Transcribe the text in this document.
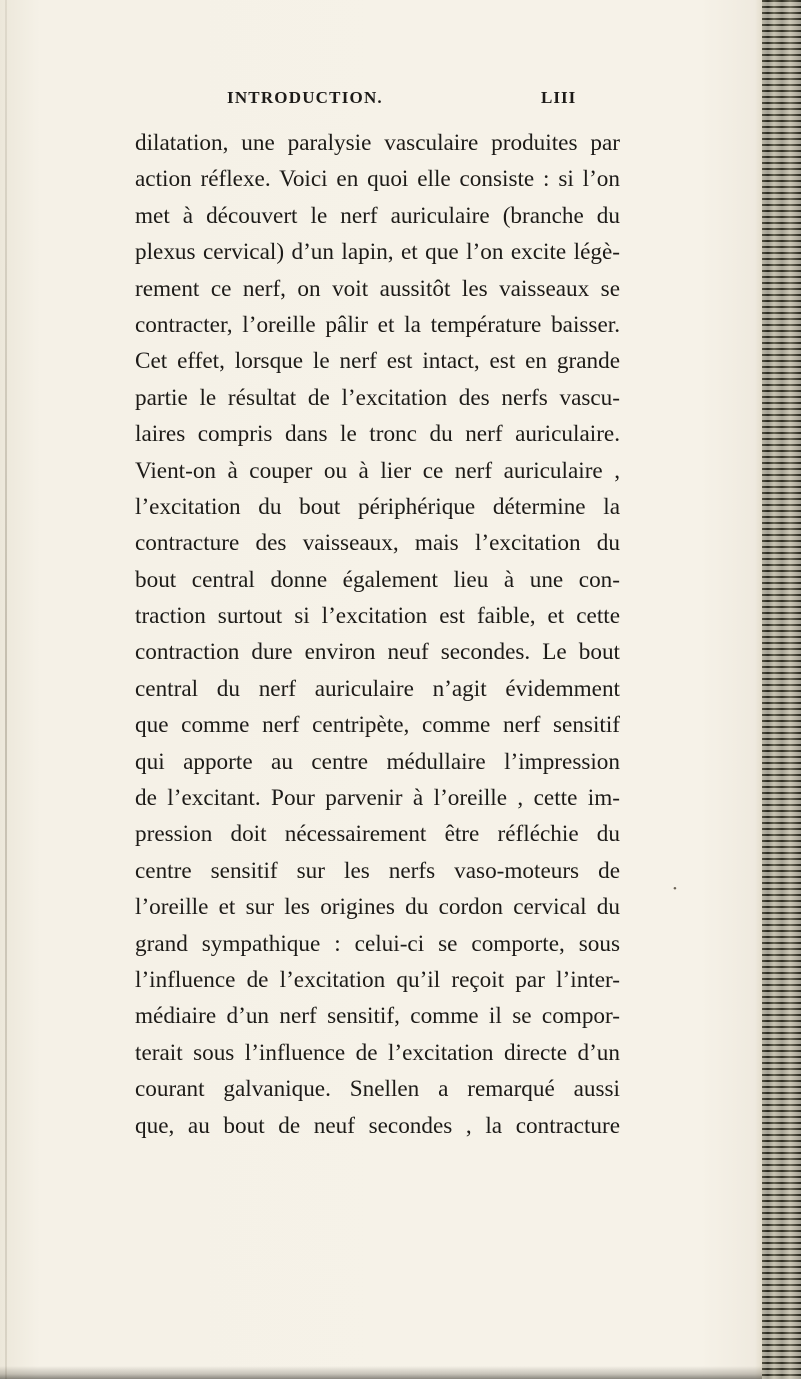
INTRODUCTION.	LIII
dilatation, une paralysie vasculaire produites par
action réflexe. Voici en quoi elle consiste : si l’on
met à découvert le nerf auriculaire (branche du
plexus cervical) d’un lapin, et que l’on excite légè-
rement ce nerf, on voit aussitôt les vaisseaux se
contracter, l’oreille pâlir et la température baisser.
Cet effet, lorsque le nerf est intact, est en grande
partie le résultat de l’excitation des nerfs vascu-
laires compris dans le tronc du nerf auriculaire.
Vient-on à couper ou à lier ce nerf auriculaire ,
l’excitation du bout périphérique détermine la
contracture des vaisseaux, mais l’excitation du
bout central donne également lieu à une con-
traction surtout si l’excitation est faible, et cette
contraction dure environ neuf secondes. Le bout
central du nerf auriculaire n’agit évidemment
que comme nerf centripète, comme nerf sensitif
qui apporte au centre médullaire l’impression
de l’excitant. Pour parvenir à l’oreille , cette im-
pression doit nécessairement être réfléchie du
centre sensitif sur les nerfs vaso-moteurs de
l’oreille et sur les origines du cordon cervical du
grand sympathique : celui-ci se comporte, sous
l’influence de l’excitation qu’il reçoit par l’inter-
médiaire d’un nerf sensitif, comme il se compor-
terait sous l’influence de l’excitation directe d’un
courant galvanique. Snellen a remarqué aussi
que, au bout de neuf secondes , la contracture
•
